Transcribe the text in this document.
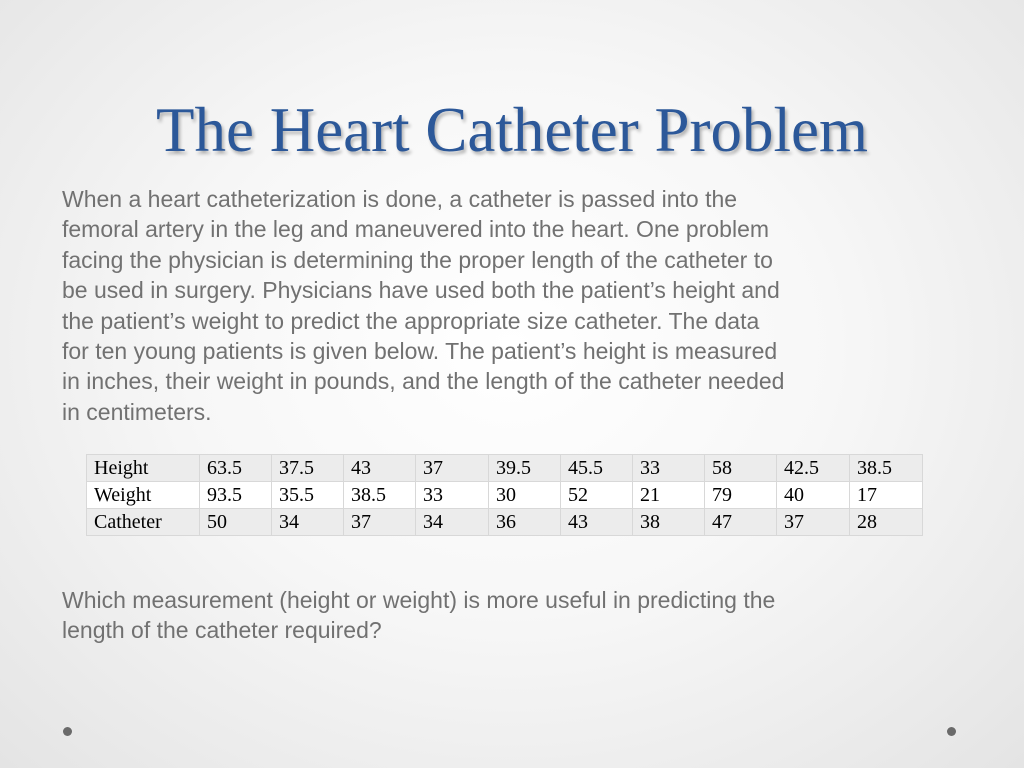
The Heart Catheter Problem

When a heart catheterization is done, a catheter is passed into the
femoral artery in the leg and maneuvered into the heart. One problem
facing the physician is determining the proper length of the catheter to
be used in surgery. Physicians have used both the patient’s height and
the patient’s weight to predict the appropriate size catheter. The data
for ten young patients is given below. The patient’s height is measured
in inches, their weight in pounds, and the length of the catheter needed
in centimeters.

Height	63.5	37.5	43	37	39.5	45.5	33	58	42.5	38.5
Weight	93.5	35.5	38.5	33	30	52	21	79	40	17
Catheter	50	34	37	34	36	43	38	47	37	28

Which measurement (height or weight) is more useful in predicting the
length of the catheter required?
